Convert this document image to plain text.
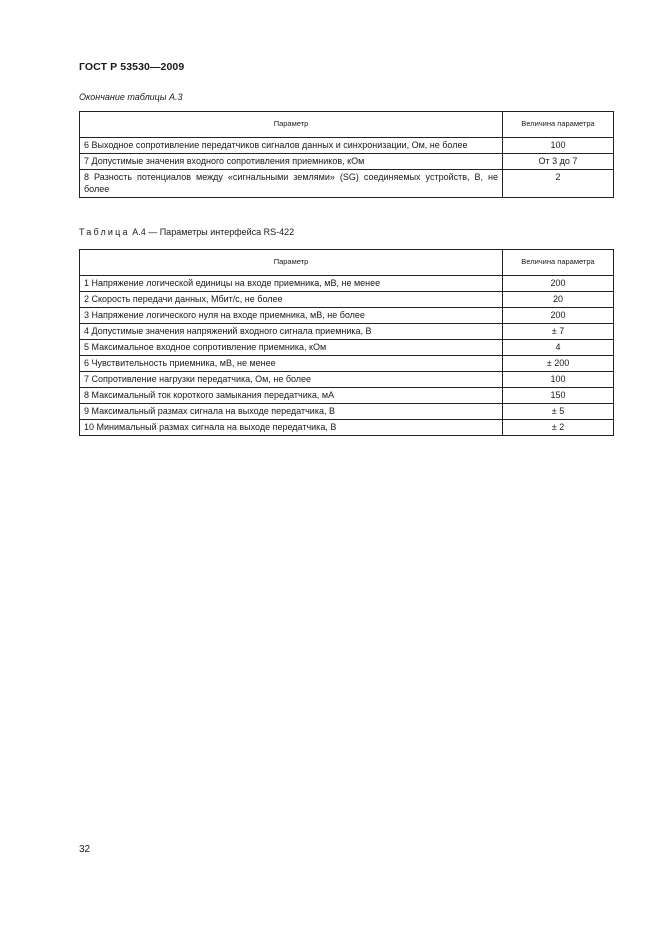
ГОСТ Р 53530—2009
Окончание таблицы А.3
Параметр	Величина параметра
6 Выходное сопротивление передатчиков сигналов данных и синхронизации, Ом, не более	100
7 Допустимые значения входного сопротивления приемников, кОм	От 3 до 7
8 Разность потенциалов между «сигнальными землями» (SG) соединяемых устройств, В, не более	2
Таблица А.4 — Параметры интерфейса RS-422
Параметр	Величина параметра
1 Напряжение логической единицы на входе приемника, мВ, не менее	200
2 Скорость передачи данных, Мбит/с, не более	20
3 Напряжение логического нуля на входе приемника, мВ, не более	200
4 Допустимые значения напряжений входного сигнала приемника, В	± 7
5 Максимальное входное сопротивление приемника, кОм	4
6 Чувствительность приемника, мВ, не менее	± 200
7 Сопротивление нагрузки передатчика, Ом, не более	100
8 Максимальный ток короткого замыкания передатчика, мА	150
9 Максимальный размах сигнала на выходе передатчика, В	± 5
10 Минимальный размах сигнала на выходе передатчика, В	± 2
32
